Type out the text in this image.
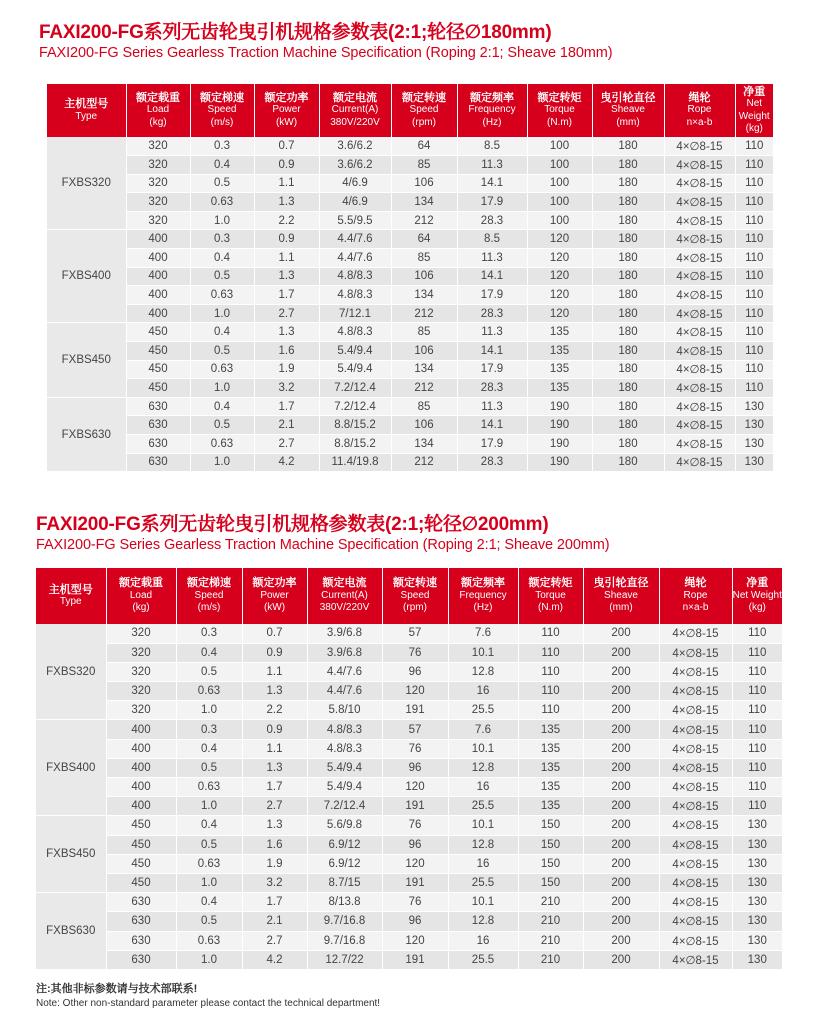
FAXI200-FG系列无齿轮曳引机规格参数表(2:1;轮径∅180mm)
FAXI200-FG Series Gearless Traction Machine Specification (Roping 2:1; Sheave 180mm)
主机型号
Type	额定载重
Load
(kg)	额定梯速
Speed
(m/s)	额定功率
Power
(kW)	额定电流
Current(A)
380V/220V	额定转速
Speed
(rpm)	额定频率
Frequency
(Hz)	额定转矩
Torque
(N.m)	曳引轮直径
Sheave
(mm)	绳轮
Rope
n×a-b	净重
Net Weight
(kg)

FXBS320	320	0.3	0.7	3.6/6.2	64	8.5	100	180	4×∅8-15	110
	320	0.4	0.9	3.6/6.2	85	11.3	100	180	4×∅8-15	110
	320	0.5	1.1	4/6.9	106	14.1	100	180	4×∅8-15	110
	320	0.63	1.3	4/6.9	134	17.9	100	180	4×∅8-15	110
	320	1.0	2.2	5.5/9.5	212	28.3	100	180	4×∅8-15	110
FXBS400	400	0.3	0.9	4.4/7.6	64	8.5	120	180	4×∅8-15	110
	400	0.4	1.1	4.4/7.6	85	11.3	120	180	4×∅8-15	110
	400	0.5	1.3	4.8/8.3	106	14.1	120	180	4×∅8-15	110
	400	0.63	1.7	4.8/8.3	134	17.9	120	180	4×∅8-15	110
	400	1.0	2.7	7/12.1	212	28.3	120	180	4×∅8-15	110
FXBS450	450	0.4	1.3	4.8/8.3	85	11.3	135	180	4×∅8-15	110
	450	0.5	1.6	5.4/9.4	106	14.1	135	180	4×∅8-15	110
	450	0.63	1.9	5.4/9.4	134	17.9	135	180	4×∅8-15	110
	450	1.0	3.2	7.2/12.4	212	28.3	135	180	4×∅8-15	110
FXBS630	630	0.4	1.7	7.2/12.4	85	11.3	190	180	4×∅8-15	130
	630	0.5	2.1	8.8/15.2	106	14.1	190	180	4×∅8-15	130
	630	0.63	2.7	8.8/15.2	134	17.9	190	180	4×∅8-15	130
	630	1.0	4.2	11.4/19.8	212	28.3	190	180	4×∅8-15	130
FAXI200-FG系列无齿轮曳引机规格参数表(2:1;轮径∅200mm)
FAXI200-FG Series Gearless Traction Machine Specification (Roping 2:1; Sheave 200mm)
主机型号
Type	额定载重
Load
(kg)	额定梯速
Speed
(m/s)	额定功率
Power
(kW)	额定电流
Current(A)
380V/220V	额定转速
Speed
(rpm)	额定频率
Frequency
(Hz)	额定转矩
Torque
(N.m)	曳引轮直径
Sheave
(mm)	绳轮
Rope
n×a-b	净重
Net Weight
(kg)

FXBS320	320	0.3	0.7	3.9/6.8	57	7.6	110	200	4×∅8-15	110
	320	0.4	0.9	3.9/6.8	76	10.1	110	200	4×∅8-15	110
	320	0.5	1.1	4.4/7.6	96	12.8	110	200	4×∅8-15	110
	320	0.63	1.3	4.4/7.6	120	16	110	200	4×∅8-15	110
	320	1.0	2.2	5.8/10	191	25.5	110	200	4×∅8-15	110
FXBS400	400	0.3	0.9	4.8/8.3	57	7.6	135	200	4×∅8-15	110
	400	0.4	1.1	4.8/8.3	76	10.1	135	200	4×∅8-15	110
	400	0.5	1.3	5.4/9.4	96	12.8	135	200	4×∅8-15	110
	400	0.63	1.7	5.4/9.4	120	16	135	200	4×∅8-15	110
	400	1.0	2.7	7.2/12.4	191	25.5	135	200	4×∅8-15	110
FXBS450	450	0.4	1.3	5.6/9.8	76	10.1	150	200	4×∅8-15	130
	450	0.5	1.6	6.9/12	96	12.8	150	200	4×∅8-15	130
	450	0.63	1.9	6.9/12	120	16	150	200	4×∅8-15	130
	450	1.0	3.2	8.7/15	191	25.5	150	200	4×∅8-15	130
FXBS630	630	0.4	1.7	8/13.8	76	10.1	210	200	4×∅8-15	130
	630	0.5	2.1	9.7/16.8	96	12.8	210	200	4×∅8-15	130
	630	0.63	2.7	9.7/16.8	120	16	210	200	4×∅8-15	130
	630	1.0	4.2	12.7/22	191	25.5	210	200	4×∅8-15	130
注:其他非标参数请与技术部联系!
Note: Other non-standard parameter please contact the technical department!
